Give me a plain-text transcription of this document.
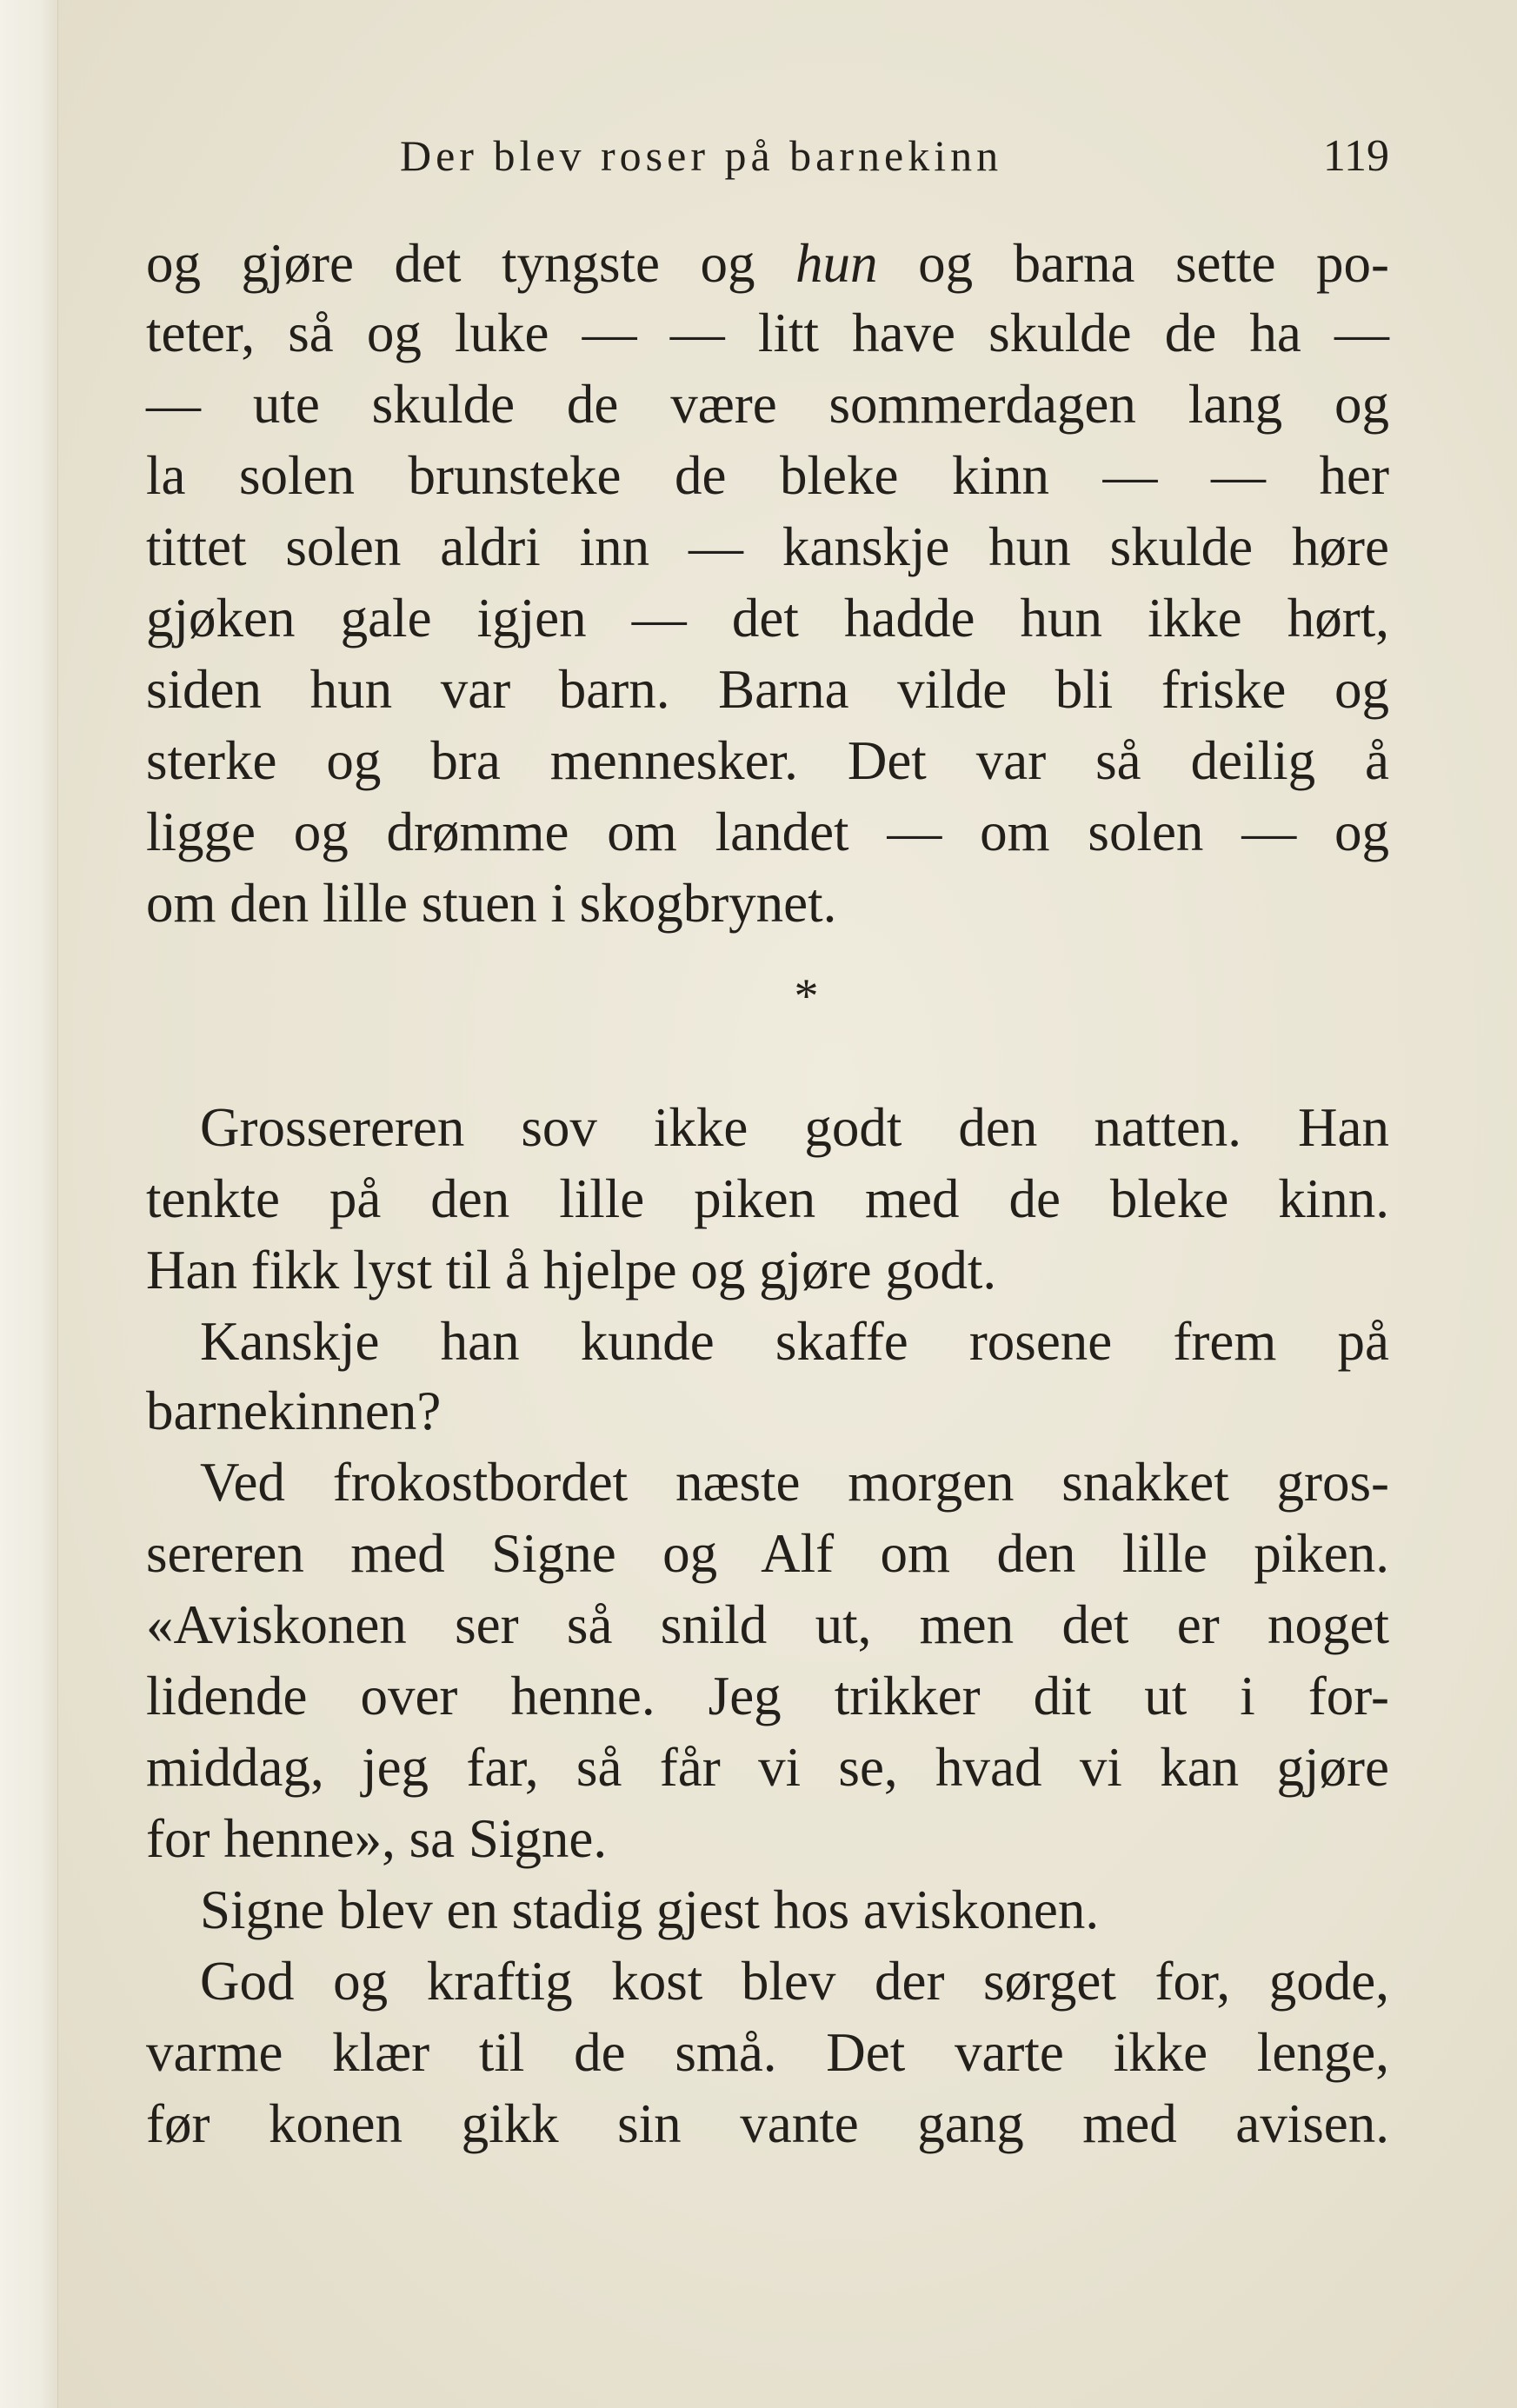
Der blev roser på barnekinn	119
og gjøre det tyngste og hun og barna sette po-
teter, så og luke — — litt have skulde de ha —
— ute skulde de være sommerdagen lang og
la solen brunsteke de bleke kinn — — her
tittet solen aldri inn — kanskje hun skulde høre
gjøken gale igjen — det hadde hun ikke hørt,
siden hun var barn. Barna vilde bli friske og
sterke og bra mennesker. Det var så deilig å
ligge og drømme om landet — om solen — og
om den lille stuen i skogbrynet.
*
Grossereren sov ikke godt den natten. Han
tenkte på den lille piken med de bleke kinn.
Han fikk lyst til å hjelpe og gjøre godt.
Kanskje han kunde skaffe rosene frem på
barnekinnen?
Ved frokostbordet næste morgen snakket gros-
sereren med Signe og Alf om den lille piken.
«Aviskonen ser så snild ut, men det er noget
lidende over henne. Jeg trikker dit ut i for-
middag, jeg far, så får vi se, hvad vi kan gjøre
for henne», sa Signe.
Signe blev en stadig gjest hos aviskonen.
God og kraftig kost blev der sørget for, gode,
varme klær til de små. Det varte ikke lenge,
før konen gikk sin vante gang med avisen.
